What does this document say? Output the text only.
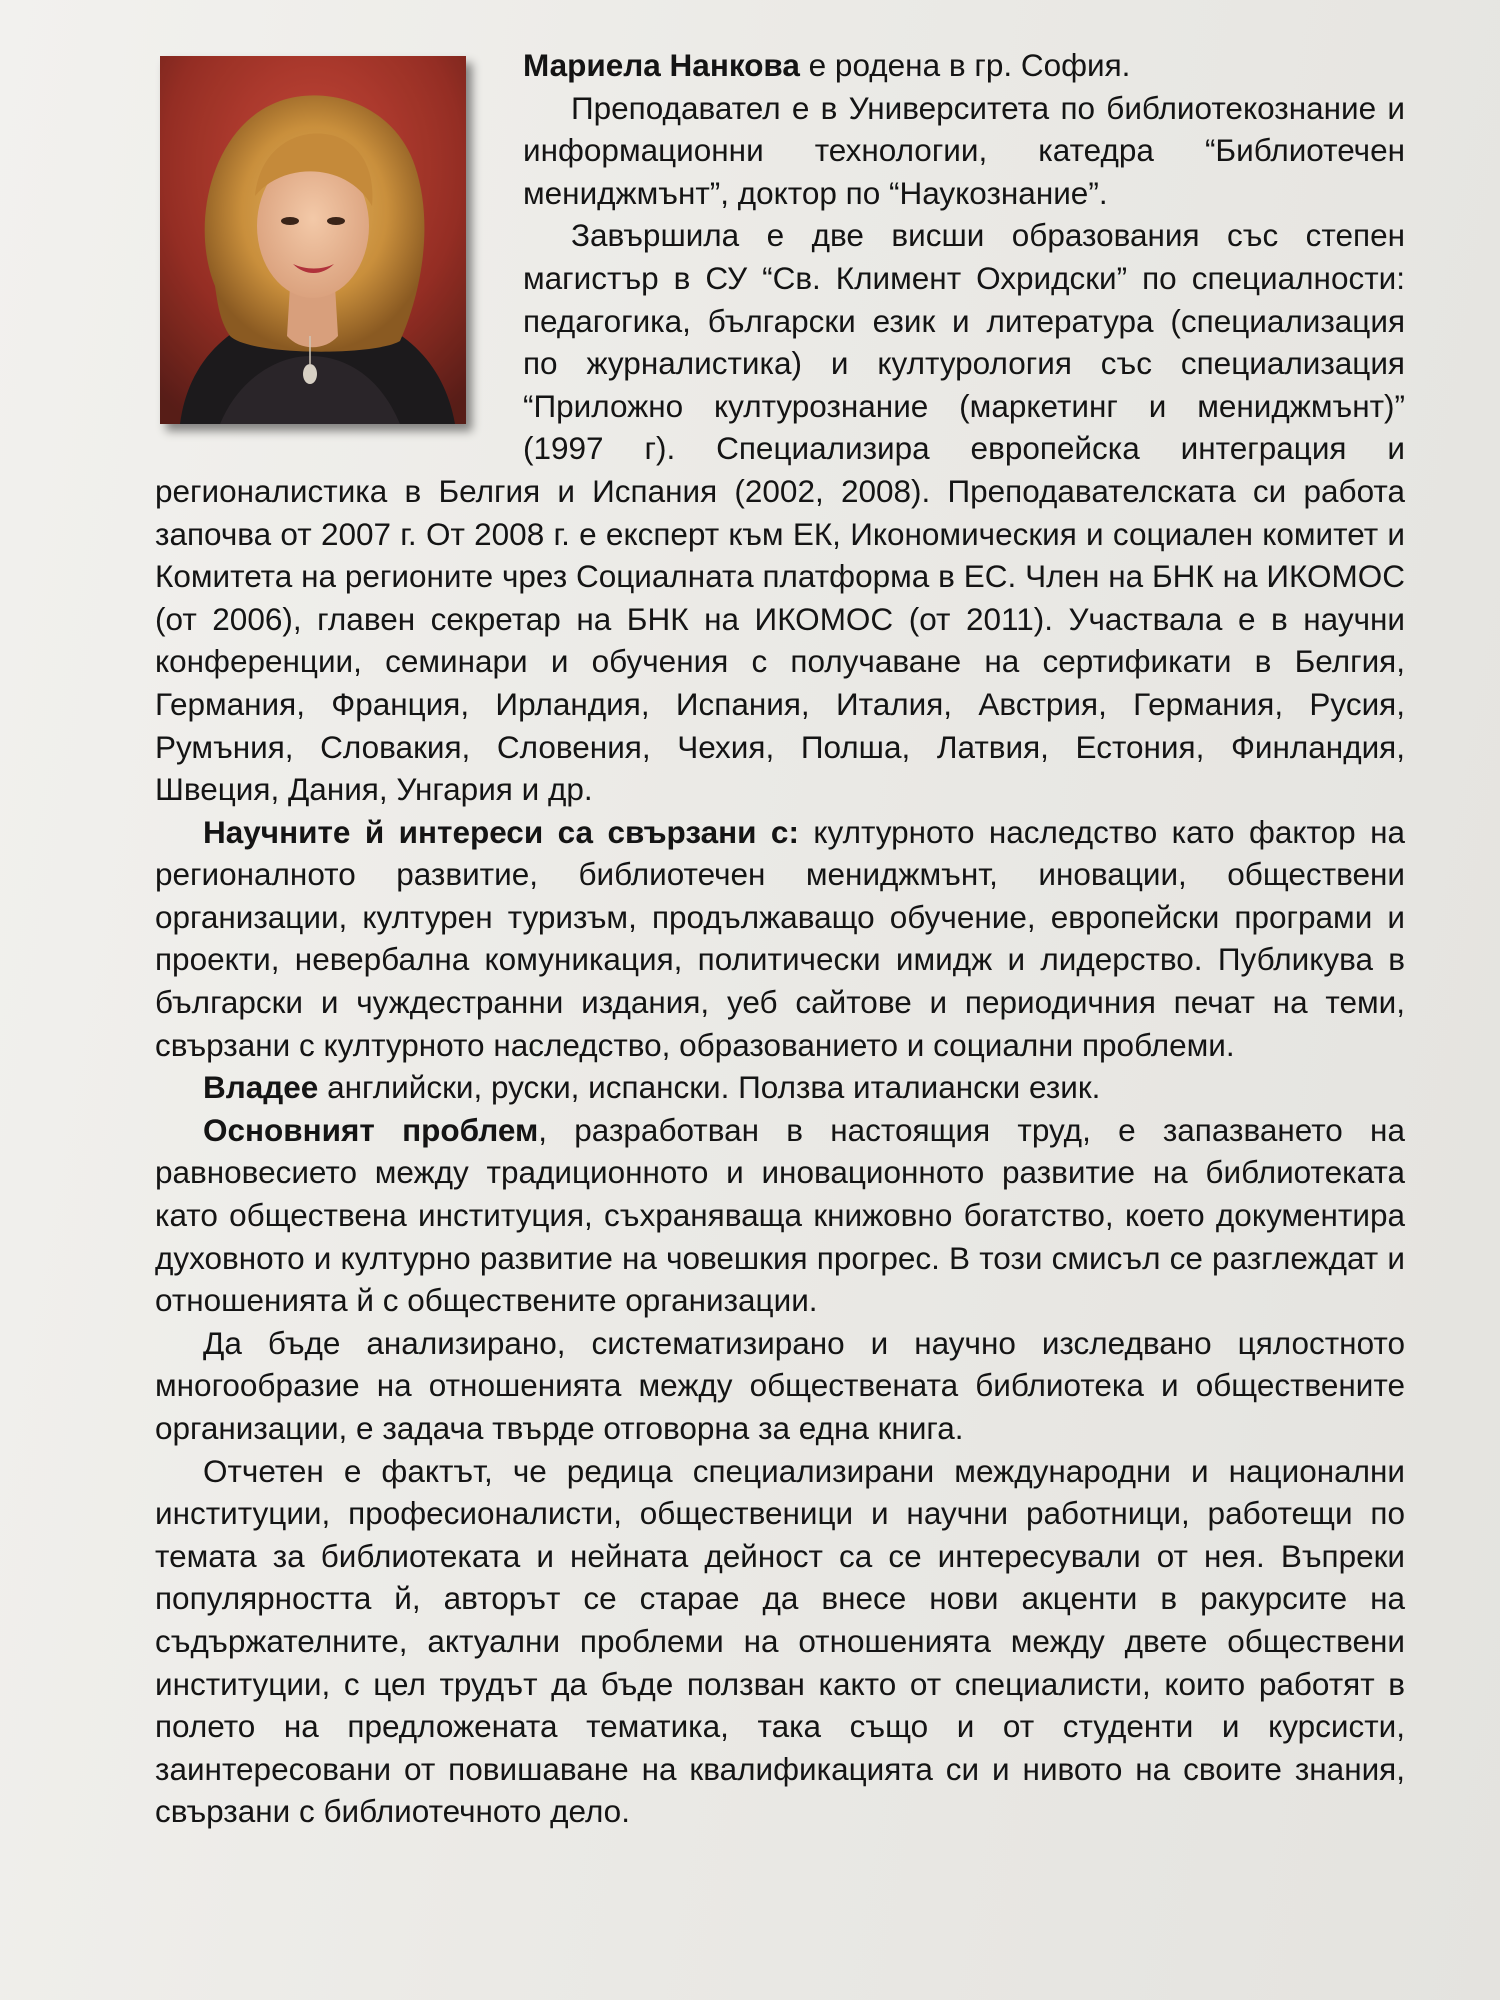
Мариела Нанкова е родена в гр. София.

Преподавател е в Университета по библиотекознание и информационни технологии, катедра “Библиотечен мениджмънт”, доктор по “Наукознание”.

Завършила е две висши образования със степен магистър в СУ “Св. Климент Охридски” по специалности: педагогика, български език и литература (специализация по журналистика) и културология със специализация “Приложно културознание (маркетинг и мениджмънт)” (1997 г). Специализира европейска интеграция и регионалистика в Белгия и Испания (2002, 2008). Преподавателската си работа започва от 2007 г. От 2008 г. е експерт към ЕК, Икономическия и социален комитет и Комитета на регионите чрез Социалната платформа в ЕС. Член на БНК на ИКОМОС (от 2006), главен секретар на БНК на ИКОМОС (от 2011). Участвала е в научни конференции, семинари и обучения с получаване на сертификати в Белгия, Германия, Франция, Ирландия, Испания, Италия, Австрия, Германия, Русия, Румъния, Словакия, Словения, Чехия, Полша, Латвия, Естония, Финландия, Швеция, Дания, Унгария и др.

Научните й интереси са свързани с: културното наследство като фактор на регионалното развитие, библиотечен мениджмънт, иновации, обществени организации, културен туризъм, продължаващо обучение, европейски програми и проекти, невербална комуникация, политически имидж и лидерство. Публикува в български и чуждестранни издания, уеб сайтове и периодичния печат на теми, свързани с културното наследство, образованието и социални проблеми.

Владее английски, руски, испански. Ползва италиански език.

Основният проблем, разработван в настоящия труд, е запазването на равновесието между традиционното и иновационното развитие на библиотеката като обществена институция, съхраняваща книжовно богатство, което документира духовното и културно развитие на човешкия прогрес. В този смисъл се разглеждат и отношенията й с обществените организации.

Да бъде анализирано, систематизирано и научно изследвано цялостното многообразие на отношенията между обществената библиотека и обществените организации, е задача твърде отговорна за една книга.

Отчетен е фактът, че редица специализирани международни и национални институции, професионалисти, общественици и научни работници, работещи по темата за библиотеката и нейната дейност са се интересували от нея. Въпреки популярността й, авторът се старае да внесе нови акценти в ракурсите на съдържателните, актуални проблеми на отношенията между двете обществени институции, с цел трудът да бъде ползван както от специалисти, които работят в полето на предложената тематика, така също и от студенти и курсисти, заинтересовани от повишаване на квалификацията си и нивото на своите знания, свързани с библиотечното дело.
